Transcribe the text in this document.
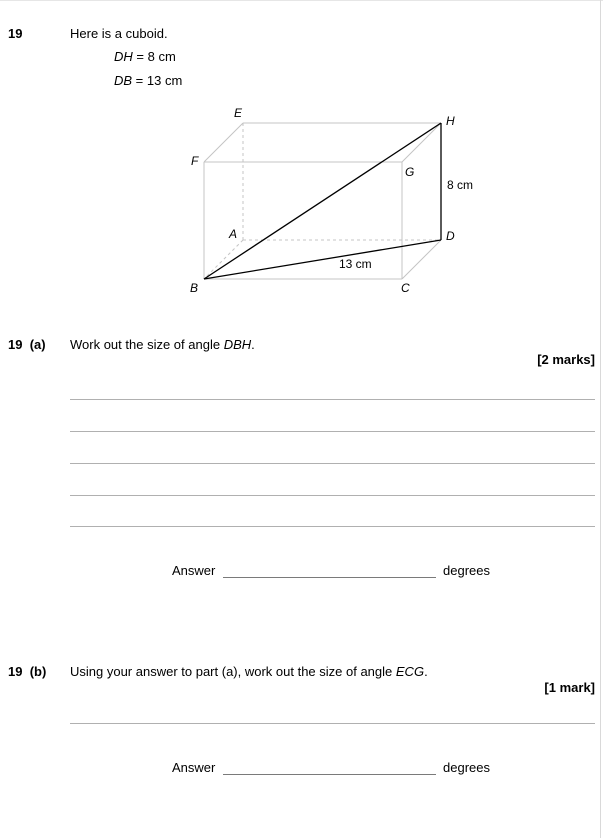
19	Here is a cuboid.
DH = 8 cm
DB = 13 cm
E
H
F
G
A	D
B	C
8 cm
13 cm
19 (a) Work out the size of angle DBH.
[2 marks]
Answer	degrees
19 (b) Using your answer to part (a), work out the size of angle ECG.
[1 mark]
Answer	degrees
